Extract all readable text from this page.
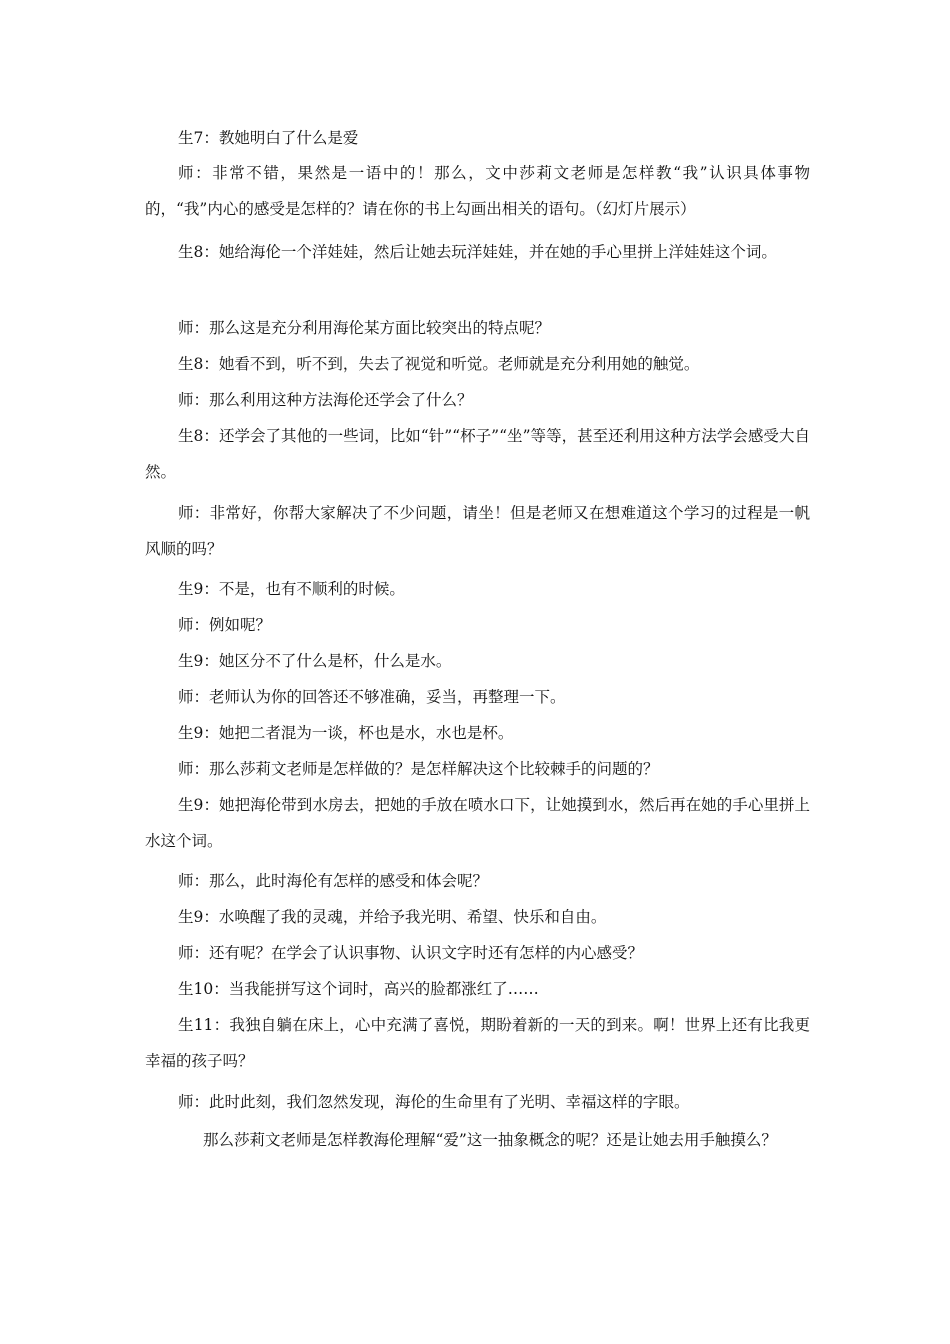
生7：教她明白了什么是爱

师：非常不错，果然是一语中的！那么，文中莎莉文老师是怎样教“我”认识具体事物的，“我”内心的感受是怎样的？请在你的书上勾画出相关的语句。（幻灯片展示）

生8：她给海伦一个洋娃娃，然后让她去玩洋娃娃，并在她的手心里拼上洋娃娃这个词。

师：那么这是充分利用海伦某方面比较突出的特点呢？

生8：她看不到，听不到，失去了视觉和听觉。老师就是充分利用她的触觉。

师：那么利用这种方法海伦还学会了什么？

生8：还学会了其他的一些词，比如“针”“杯子”“坐”等等，甚至还利用这种方法学会感受大自然。

师：非常好，你帮大家解决了不少问题，请坐！但是老师又在想难道这个学习的过程是一帆风顺的吗？

生9：不是，也有不顺利的时候。

师：例如呢？

生9：她区分不了什么是杯，什么是水。

师：老师认为你的回答还不够准确，妥当，再整理一下。

生9：她把二者混为一谈，杯也是水，水也是杯。

师：那么莎莉文老师是怎样做的？是怎样解决这个比较棘手的问题的？

生9：她把海伦带到水房去，把她的手放在喷水口下，让她摸到水，然后再在她的手心里拼上水这个词。

师：那么，此时海伦有怎样的感受和体会呢？

生9：水唤醒了我的灵魂，并给予我光明、希望、快乐和自由。

师：还有呢？在学会了认识事物、认识文字时还有怎样的内心感受？

生10：当我能拼写这个词时，高兴的脸都涨红了……

生11：我独自躺在床上，心中充满了喜悦，期盼着新的一天的到来。啊！世界上还有比我更幸福的孩子吗？

师：此时此刻，我们忽然发现，海伦的生命里有了光明、幸福这样的字眼。

那么莎莉文老师是怎样教海伦理解“爱”这一抽象概念的呢？还是让她去用手触摸么？
